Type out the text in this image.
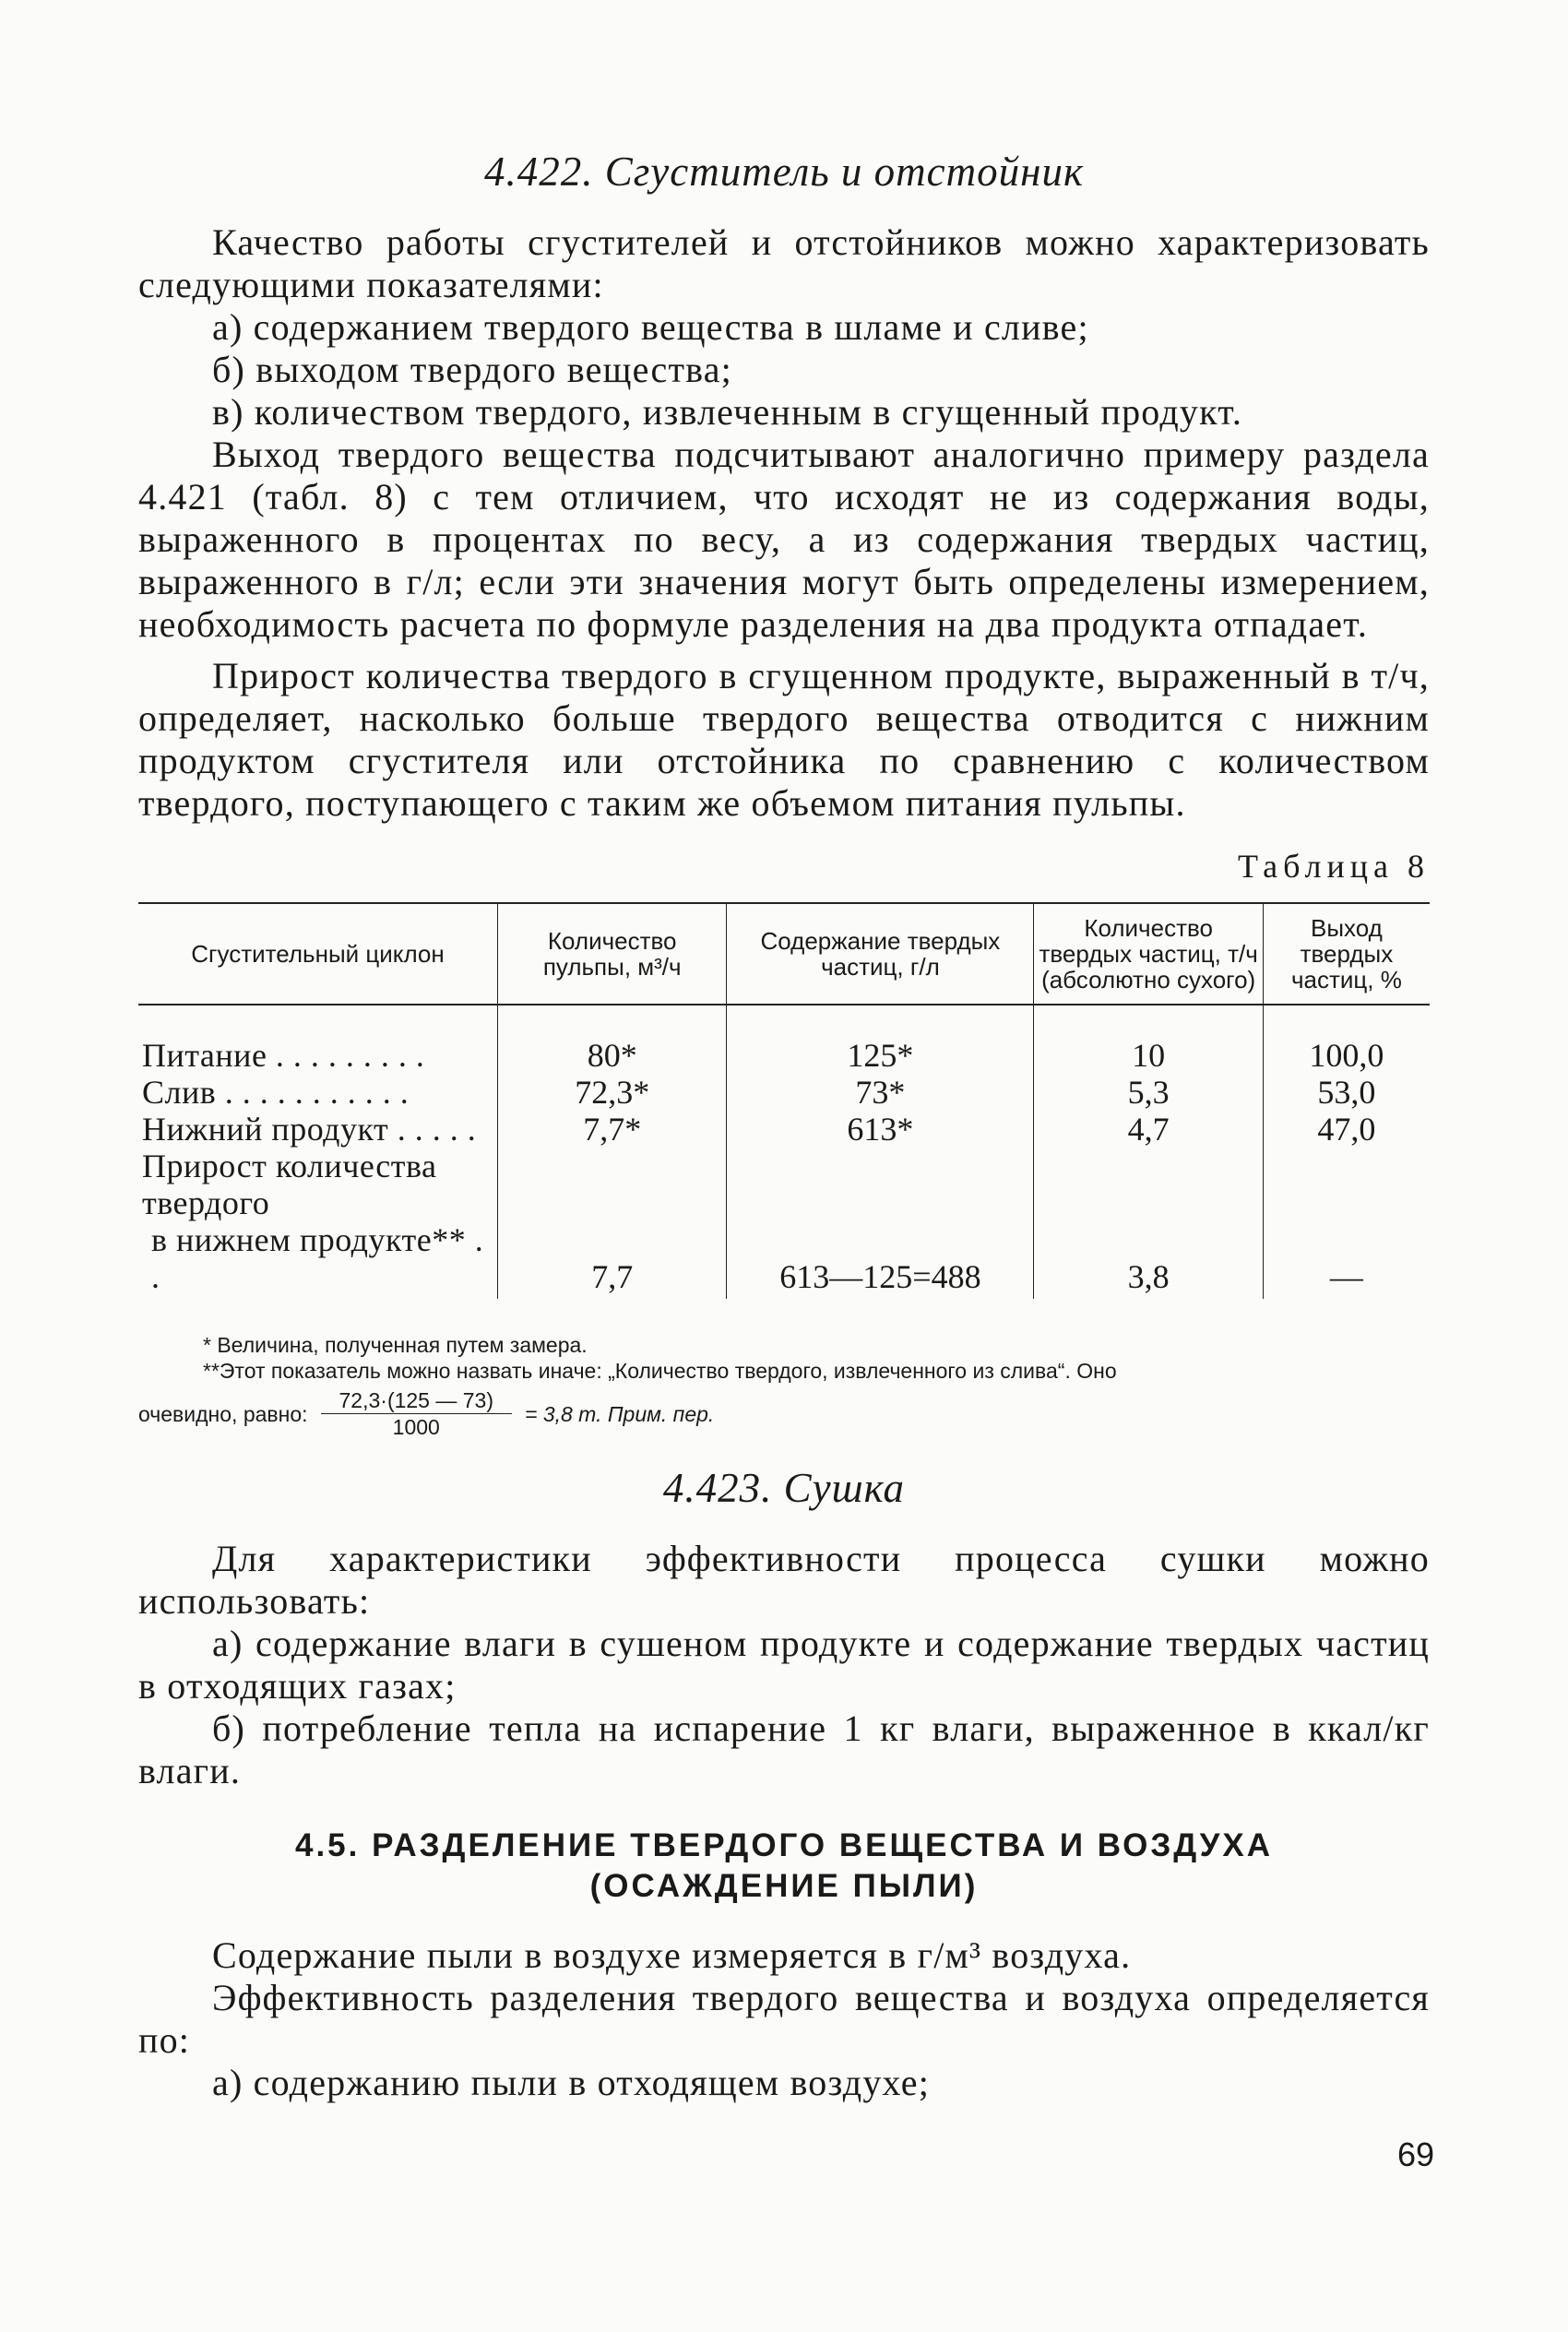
4.422. Сгуститель и отстойник

Качество работы сгустителей и отстойников можно характеризовать следующими показателями:

а) содержанием твердого вещества в шламе и сливе;

б) выходом твердого вещества;

в) количеством твердого, извлеченным в сгущенный продукт.

Выход твердого вещества подсчитывают аналогично примеру раздела 4.421 (табл. 8) с тем отличием, что исходят не из содержания воды, выраженного в процентах по весу, а из содержания твердых частиц, выраженного в г/л; если эти значения могут быть определены измерением, необходимость расчета по формуле разделения на два продукта отпадает.

Прирост количества твердого в сгущенном продукте, выраженный в т/ч, определяет, насколько больше твердого вещества отводится с нижним продуктом сгустителя или отстойника по сравнению с количеством твердого, поступающего с таким же объемом питания пульпы.

Таблица 8
Сгустительный циклон	Количество пульпы, м³/ч	Содержание твердых частиц, г/л	Количество твердых частиц, т/ч (абсолютно сухого)	Выход твердых частиц, %
Питание . . . . . . . . .	80*	125*	10	100,0
Слив . . . . . . . . . . .	72,3*	73*	5,3	53,0
Нижний продукт . . . . .	7,7*	613*	4,7	47,0
Прирост количества твердого				
в нижнем продукте** . .	7,7	613—125=488	3,8	—
* Величина, полученная путем замера.
**Этот показатель можно назвать иначе: „Количество твердого, извлеченного из слива“. Оно
очевидно, равно: $\frac{72,3\cdot(125 — 73)}{1000} = 3,8$ т. Прим. пер.
4.423. Сушка

Для характеристики эффективности процесса сушки можно использовать:

а) содержание влаги в сушеном продукте и содержание твердых частиц в отходящих газах;

б) потребление тепла на испарение 1 кг влаги, выраженное в ккал/кг влаги.

4.5. РАЗДЕЛЕНИЕ ТВЕРДОГО ВЕЩЕСТВА И ВОЗДУХА
(ОСАЖДЕНИЕ ПЫЛИ)

Содержание пыли в воздухе измеряется в г/м³ воздуха.

Эффективность разделения твердого вещества и воздуха определяется по:

а) содержанию пыли в отходящем воздухе;

69
